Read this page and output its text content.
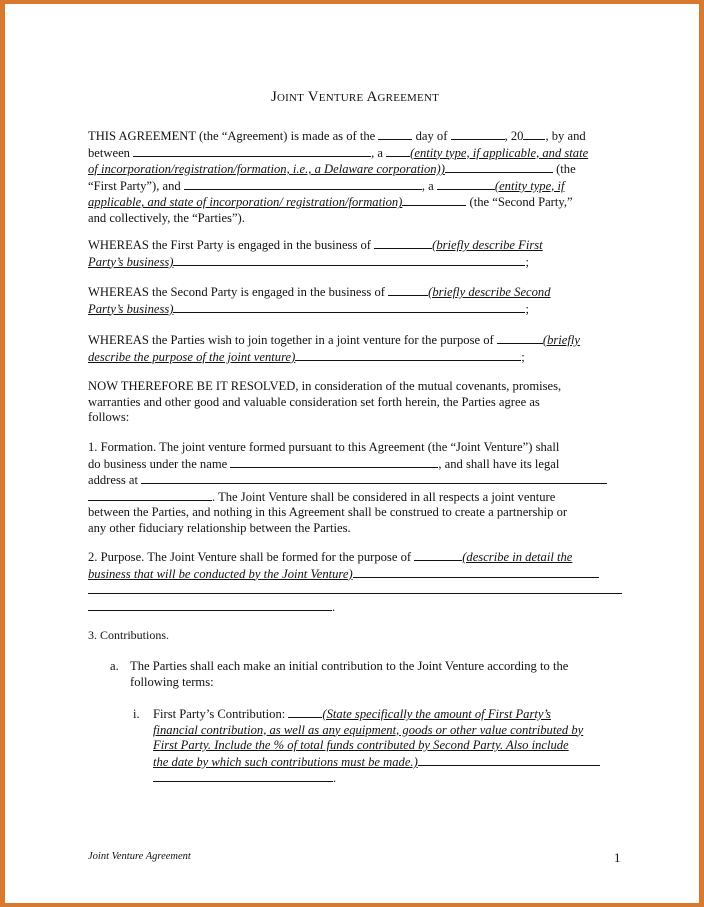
Joint Venture Agreement
THIS AGREEMENT (the “Agreement) is made as of the	day of	, 20 , by and
between	, a (entity type, if applicable, and state
of incorporation/registration/formation, i.e., a Delaware corporation))	(the
“First Party”), and	, a	(entity type, if
applicable, and state of incorporation/ registration/formation)	(the “Second Party,”
and collectively, the “Parties”).
WHEREAS the First Party is engaged in the business of	(briefly describe First
Party’s business)	;
WHEREAS the Second Party is engaged in the business of	(briefly describe Second
Party’s business)	;
WHEREAS the Parties wish to join together in a joint venture for the purpose of	(briefly
describe the purpose of the joint venture)	;
NOW THEREFORE BE IT RESOLVED, in consideration of the mutual covenants, promises,
warranties and other good and valuable consideration set forth herein, the Parties agree as
follows:
1. Formation. The joint venture formed pursuant to this Agreement (the “Joint Venture”) shall
do business under the name	, and shall have its legal
address at
. The Joint Venture shall be considered in all respects a joint venture
between the Parties, and nothing in this Agreement shall be construed to create a partnership or
any other fiduciary relationship between the Parties.
2. Purpose. The Joint Venture shall be formed for the purpose of	(describe in detail the
business that will be conducted by the Joint Venture)
.
3. Contributions.
a. The Parties shall each make an initial contribution to the Joint Venture according to the
following terms:
i. First Party’s Contribution:	(State specifically the amount of First Party’s
financial contribution, as well as any equipment, goods or other value contributed by
First Party. Include the % of total funds contributed by Second Party. Also include
the date by which such contributions must be made.)
.
Joint Venture Agreement	1
